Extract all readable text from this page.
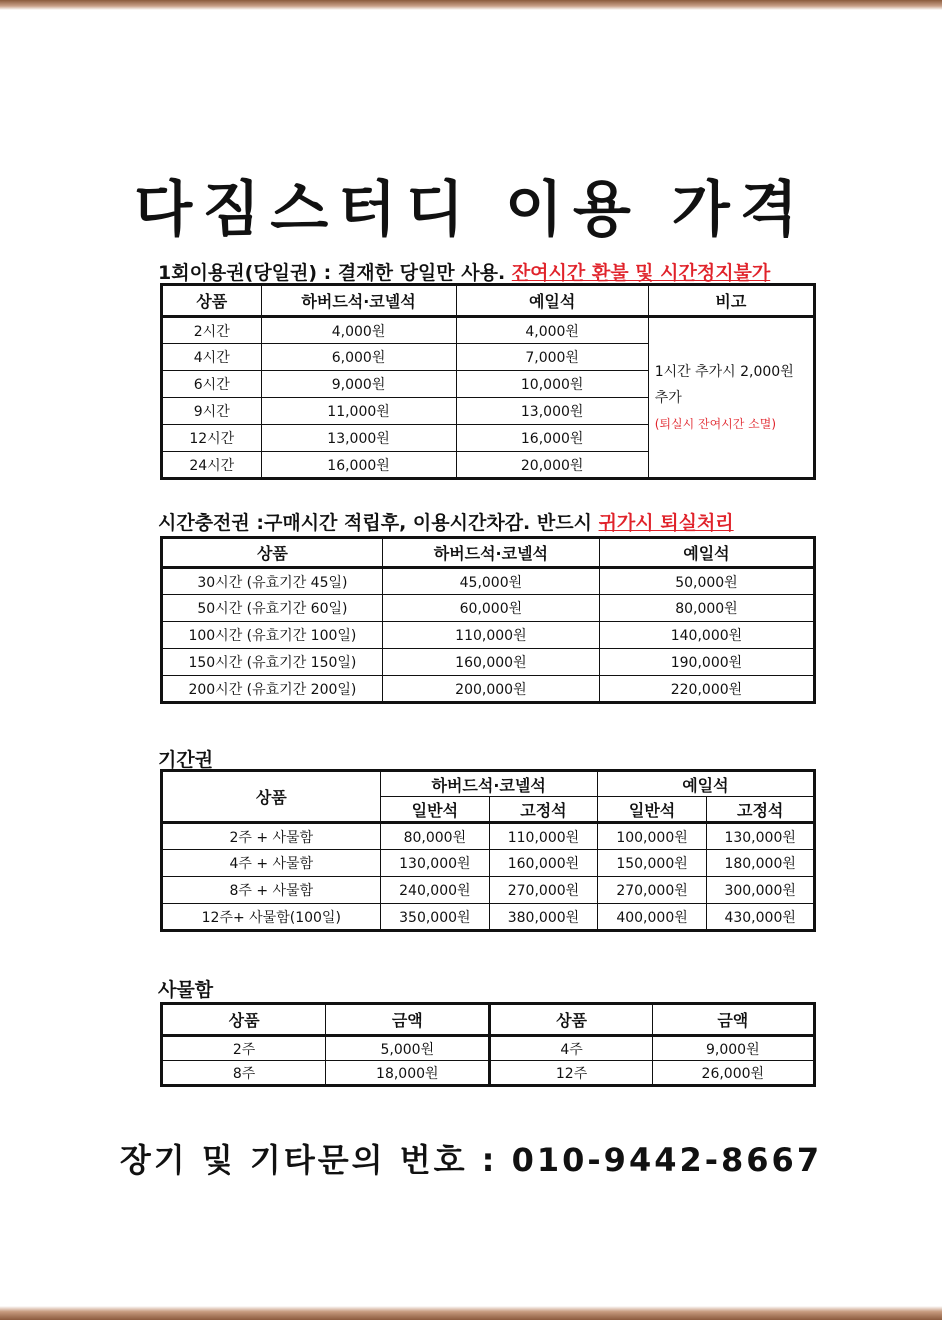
다짐스터디 이용 가격
1회이용권(당일권) : 결재한 당일만 사용. 잔여시간 환불 및 시간정지불가
상품	하버드석·코넬석	예일석	비고
2시간	4,000원	4,000원	1시간 추가시 2,000원
추가
(퇴실시 잔여시간 소멸)

4시간	6,000원	7,000원	
6시간	9,000원	10,000원	
9시간	11,000원	13,000원	
12시간	13,000원	16,000원	
24시간	16,000원	20,000원	
시간충전권 :구매시간 적립후, 이용시간차감. 반드시 귀가시 퇴실처리
상품	하버드석·코넬석	예일석
30시간 (유효기간 45일)	45,000원	50,000원
50시간 (유효기간 60일)	60,000원	80,000원
100시간 (유효기간 100일)	110,000원	140,000원
150시간 (유효기간 150일)	160,000원	190,000원
200시간 (유효기간 200일)	200,000원	220,000원
기간권
상품	하버드석·코넬석		예일석	
	일반석	고정석	일반석	고정석
2주 + 사물함	80,000원	110,000원	100,000원	130,000원
4주 + 사물함	130,000원	160,000원	150,000원	180,000원
8주 + 사물함	240,000원	270,000원	270,000원	300,000원
12주+ 사물함(100일)	350,000원	380,000원	400,000원	430,000원
사물함
상품	금액	상품	금액
2주	5,000원	4주	9,000원
8주	18,000원	12주	26,000원
장기 및 기타문의 번호 : 010-9442-8667
